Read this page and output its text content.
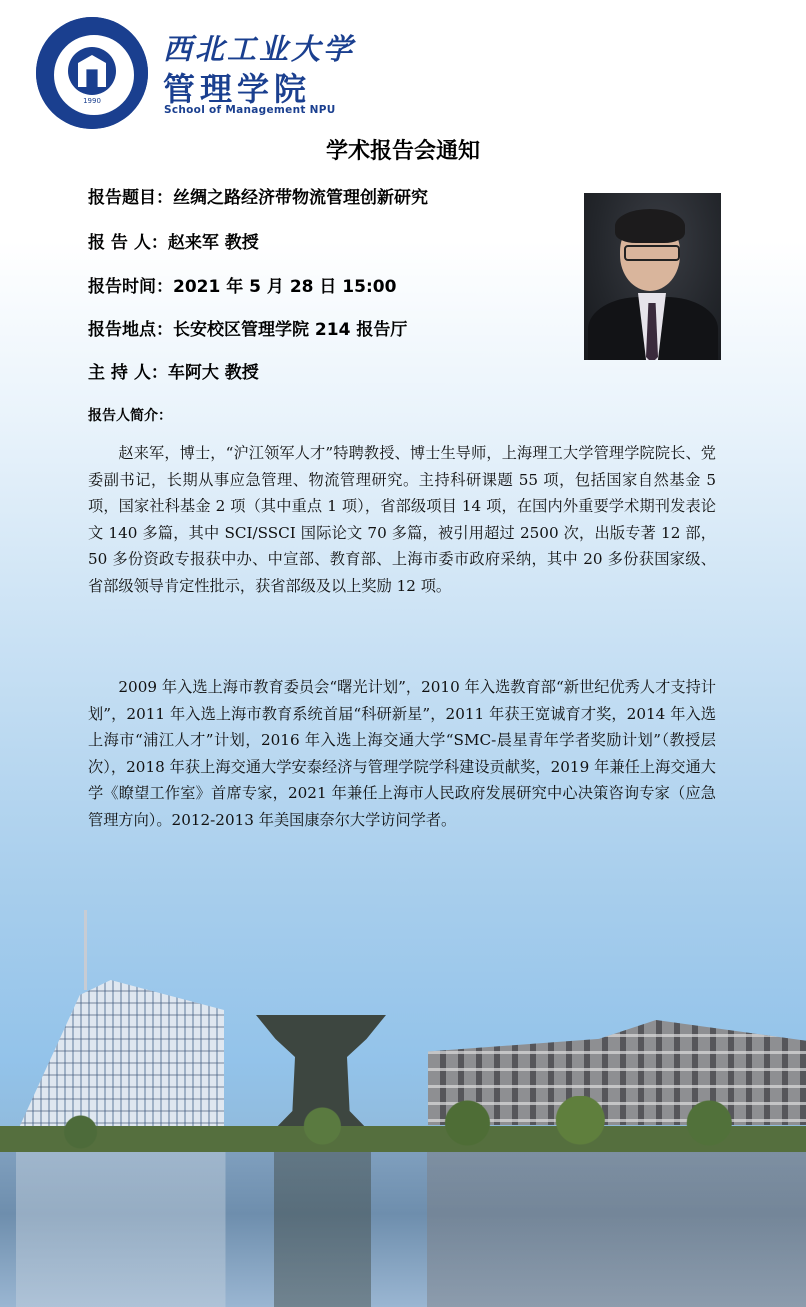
1990
西北工业大学
管理学院
School of Management NPU
学术报告会通知
报告题目：丝绸之路经济带物流管理创新研究
报 告 人：赵来军 教授
报告时间：2021 年 5 月 28 日 15:00
报告地点：长安校区管理学院 214 报告厅
主 持 人：车阿大 教授
报告人简介：
赵来军，博士，“沪江领军人才”特聘教授、博士生导师，上海理工大学管理学院院长、党委副书记，长期从事应急管理、物流管理研究。主持科研课题 55 项，包括国家自然基金 5 项，国家社科基金 2 项（其中重点 1 项），省部级项目 14 项，在国内外重要学术期刊发表论文 140 多篇，其中 SCI/SSCI 国际论文 70 多篇，被引用超过 2500 次，出版专著 12 部，50 多份资政专报获中办、中宣部、教育部、上海市委市政府采纳，其中 20 多份获国家级、省部级领导肯定性批示，获省部级及以上奖励 12 项。
2009 年入选上海市教育委员会“曙光计划”，2010 年入选教育部“新世纪优秀人才支持计划”，2011 年入选上海市教育系统首届“科研新星”，2011 年获王宽诚育才奖，2014 年入选上海市“浦江人才”计划，2016 年入选上海交通大学“SMC-晨星青年学者奖励计划”（教授层次），2018 年获上海交通大学安泰经济与管理学院学科建设贡献奖，2019 年兼任上海交通大学《瞭望工作室》首席专家，2021 年兼任上海市人民政府发展研究中心决策咨询专家（应急管理方向）。2012-2013 年美国康奈尔大学访问学者。
